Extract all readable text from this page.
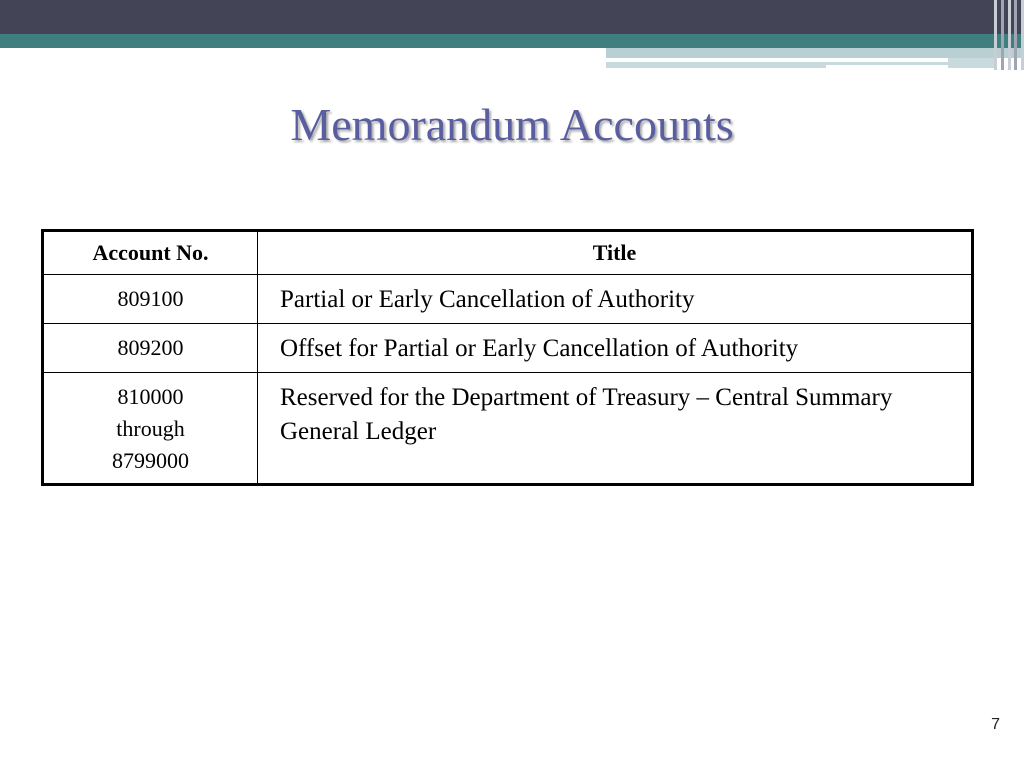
Memorandum Accounts
Account No.	Title
809100	Partial or Early Cancellation of Authority
809200	Offset for Partial or Early Cancellation of Authority
810000
through
8799000	Reserved for the Department of Treasury – Central Summary General Ledger
7
